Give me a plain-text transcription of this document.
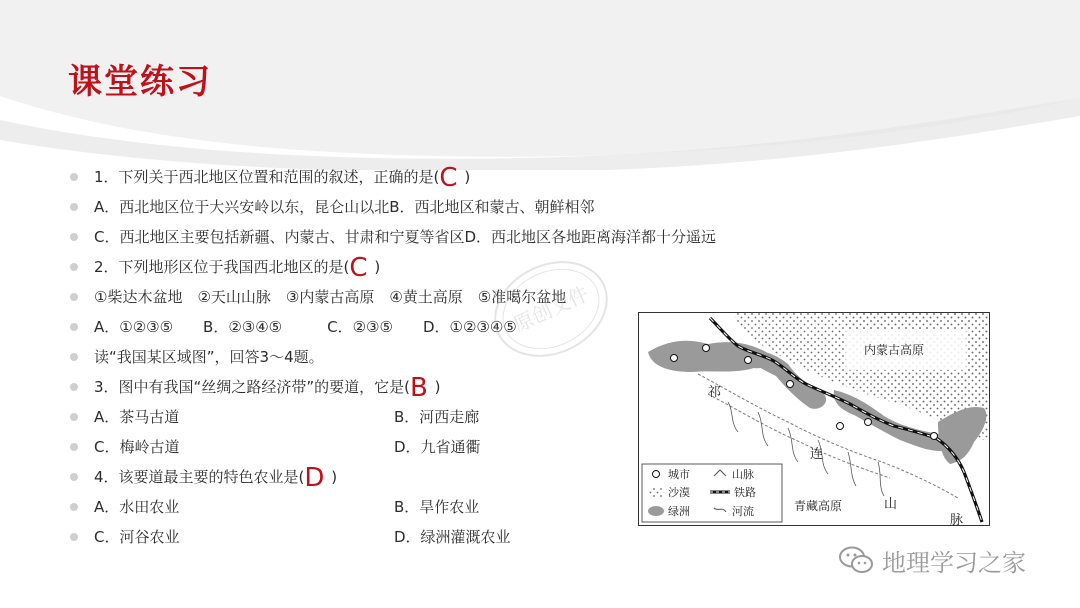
课堂练习
1．下列关于西北地区位置和范围的叙述，正确的是(C )
A．西北地区位于大兴安岭以东，昆仑山以北B．西北地区和蒙古、朝鲜相邻
C．西北地区主要包括新疆、内蒙古、甘肃和宁夏等省区D．西北地区各地距离海洋都十分遥远
2．下列地形区位于我国西北地区的是(C )
①柴达木盆地　②天山山脉　③内蒙古高原　④黄土高原　⑤准噶尔盆地
A．①②③⑤　　B．②③④⑤　　　C．②③⑤　　D．①②③④⑤
读“我国某区域图”，回答3～4题。
3．图中有我国“丝绸之路经济带”的要道，它是(B )
A．茶马古道	B．河西走廊
C．梅岭古道	D．九省通衢
4．该要道最主要的特色农业是(D )
A．水田农业	B．旱作农业
C．河谷农业	D．绿洲灌溉农业
原创文件
内蒙古高原
祁
连
山
脉
青藏高原
城市	山脉
沙漠	铁路
绿洲	河流
地理学习之家
